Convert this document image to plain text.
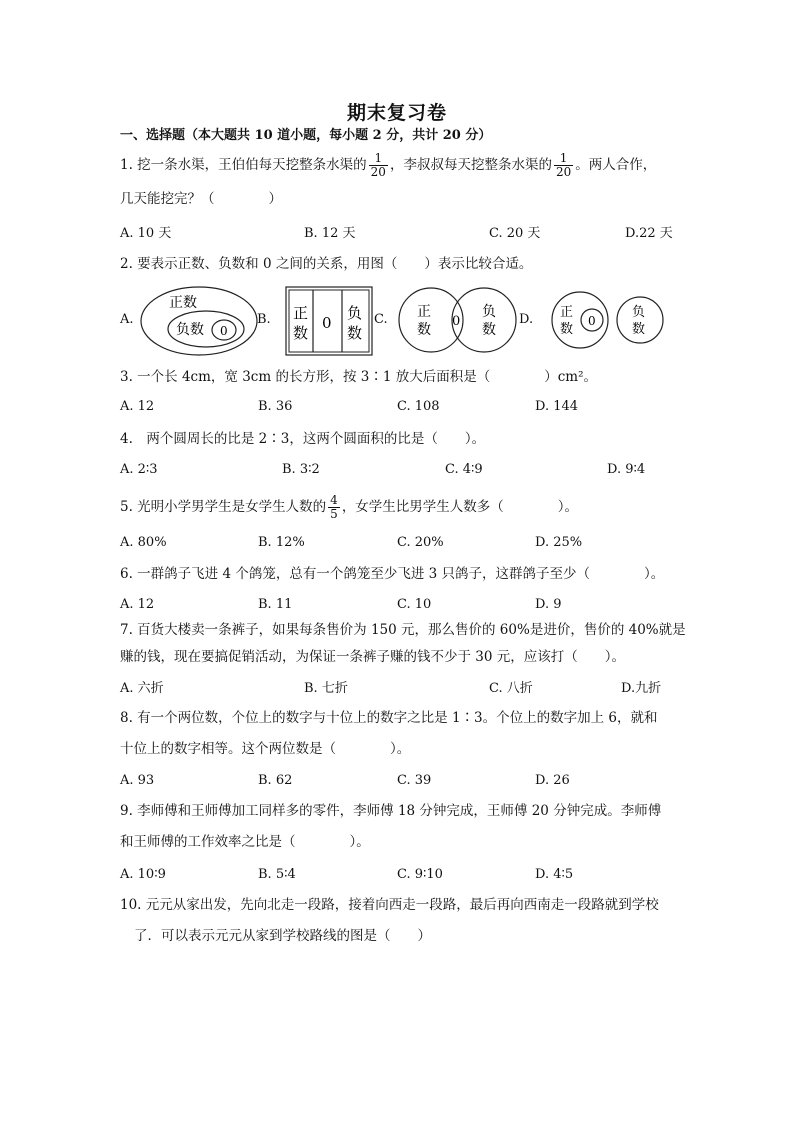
期末复习卷
一、选择题（本大题共 10 道小题，每小题 2 分，共计 20 分）
1. 挖一条水渠，王伯伯每天挖整条水渠的 $\frac{1}{20}$ ，李叔叔每天挖整条水渠的 $\frac{1}{20}$ 。两人合作，
几天能挖完？（　　　　）
A. 10 天	B. 12 天	C. 20 天	D.22 天
2. 要表示正数、负数和 0 之间的关系，用图（　　）表示比较合适。
A.	B.	C.	D.
正数
负数 0
正
数
0
负
数
正
数
0
负
数
正
数
0
负
数
3. 一个长 4cm，宽 3cm 的长方形，按 3∶1 放大后面积是（　　　　）cm²。
A. 12	B. 36	C. 108	D. 144
4.　两个圆周长的比是 2∶3，这两个圆面积的比是（　　）。
A. 2∶3	B. 3∶2	C. 4∶9	D. 9∶4
5. 光明小学男学生是女学生人数的 $\frac{4}{5}$ ，女学生比男学生人数多（　　　　）。
A. 80%	B. 12%	C. 20%	D. 25%
6. 一群鸽子飞进 4 个鸽笼，总有一个鸽笼至少飞进 3 只鸽子，这群鸽子至少（　　　　）。
A. 12	B. 11	C. 10	D. 9
7. 百货大楼卖一条裤子，如果每条售价为 150 元，那么售价的 60%是进价，售价的 40%就是
赚的钱，现在要搞促销活动，为保证一条裤子赚的钱不少于 30 元，应该打（　　）。
A. 六折	B. 七折	C. 八折	D.九折
8. 有一个两位数，个位上的数字与十位上的数字之比是 1∶3。个位上的数字加上 6，就和
十位上的数字相等。这个两位数是（　　　　）。
A. 93	B. 62	C. 39	D. 26
9. 李师傅和王师傅加工同样多的零件，李师傅 18 分钟完成，王师傅 20 分钟完成。李师傅
和王师傅的工作效率之比是（　　　　）。
A. 10∶9	B. 5∶4	C. 9∶10	D. 4∶5
10. 元元从家出发，先向北走一段路，接着向西走一段路，最后再向西南走一段路就到学校
了．可以表示元元从家到学校路线的图是（　　）
